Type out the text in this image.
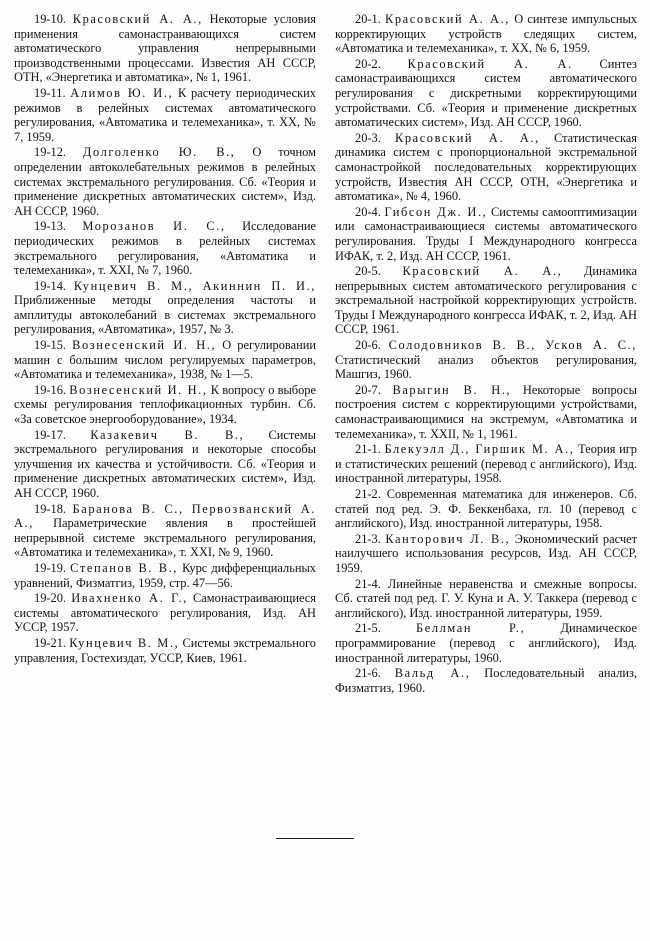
19-10. Красовский А. А., Некоторые условия применения самонастраивающихся систем автоматического управления непрерывными производственными процессами. Известия АН СССР, ОТН, «Энергетика и автоматика», № 1, 1961.

19-11. Алимов Ю. И., К расчету периодических режимов в релейных системах автоматического регулирования, «Автоматика и телемеханика», т. XX, № 7, 1959.

19-12. Долголенко Ю. В., О точном определении автоколебательных режимов в релейных системах экстремального регулирования. Сб. «Теория и применение дискретных автоматических систем», Изд. АН СССР, 1960.

19-13. Морозанов И. С., Исследование периодических режимов в релейных системах экстремального регулирования, «Автоматика и телемеханика», т. XXI, № 7, 1960.

19-14. Кунцевич В. М., Акиннин П. И., Приближенные методы определения частоты и амплитуды автоколебаний в системах экстремального регулирования, «Автоматика», 1957, № 3.

19-15. Вознесенский И. Н., О регулировании машин с большим числом регулируемых параметров, «Автоматика и телемеханика», 1938, № 1—5.

19-16. Вознесенский И. Н., К вопросу о выборе схемы регулирования теплофикационных турбин. Сб. «За советское энергооборудование», 1934.

19-17. Казакевич В. В., Системы экстремального регулирования и некоторые способы улучшения их качества и устойчивости. Сб. «Теория и применение дискретных автоматических систем», Изд. АН СССР, 1960.

19-18. Баранова В. С., Первозванский А. А., Параметрические явления в простейшей непрерывной системе экстремального регулирования, «Автоматика и телемеханика», т. XXI, № 9, 1960.

19-19. Степанов В. В., Курс дифференциальных уравнений, Физматгиз, 1959, стр. 47—56.

19-20. Ивахненко А. Г., Самонастраивающиеся системы автоматического регулирования, Изд. АН УССР, 1957.

19-21. Кунцевич В. М., Системы экстремального управления, Гостехиздат, УССР, Киев, 1961.

20-1. Красовский А. А., О синтезе импульсных корректирующих устройств следящих систем, «Автоматика и телемеханика», т. XX, № 6, 1959.

20-2. Красовский А. А. Синтез самонастраивающихся систем автоматического регулирования с дискретными корректирующими устройствами. Сб. «Теория и применение дискретных автоматических систем», Изд. АН СССР, 1960.

20-3. Красовский А. А., Статистическая динамика систем с пропорциональной экстремальной самонастройкой последовательных корректирующих устройств, Известия АН СССР, ОТН, «Энергетика и автоматика», № 4, 1960.

20-4. Гибсон Дж. И., Системы самооптимизации или самонастраивающиеся системы автоматического регулирования. Труды I Международного конгресса ИФАК, т. 2, Изд. АН СССР, 1961.

20-5. Красовский А. А., Динамика непрерывных систем автоматического регулирования с экстремальной настройкой корректирующих устройств. Труды I Международного конгресса ИФАК, т. 2, Изд. АН СССР, 1961.

20-6. Солодовников В. В., Усков А. С., Статистический анализ объектов регулирования, Машгиз, 1960.

20-7. Варыгин В. Н., Некоторые вопросы построения систем с корректирующими устройствами, самонастраивающимися на экстремум, «Автоматика и телемеханика», т. XXII, № 1, 1961.

21-1. Блекуэлл Д., Гиршик М. А., Теория игр и статистических решений (перевод с английского), Изд. иностранной литературы, 1958.

21-2. Современная математика для инженеров. Сб. статей под ред. Э. Ф. Беккенбаха, гл. 10 (перевод с английского), Изд. иностранной литературы, 1958.

21-3. Канторович Л. В., Экономический расчет наилучшего использования ресурсов, Изд. АН СССР, 1959.

21-4. Линейные неравенства и смежные вопросы. Сб. статей под ред. Г. У. Куна и А. У. Таккера (перевод с английского), Изд. иностранной литературы, 1959.

21-5.	Беллман Р.,	Динамическое программирование (перевод с английского), Изд. иностранной литературы, 1960.

21-6. Вальд А., Последовательный анализ, Физматгиз, 1960.
